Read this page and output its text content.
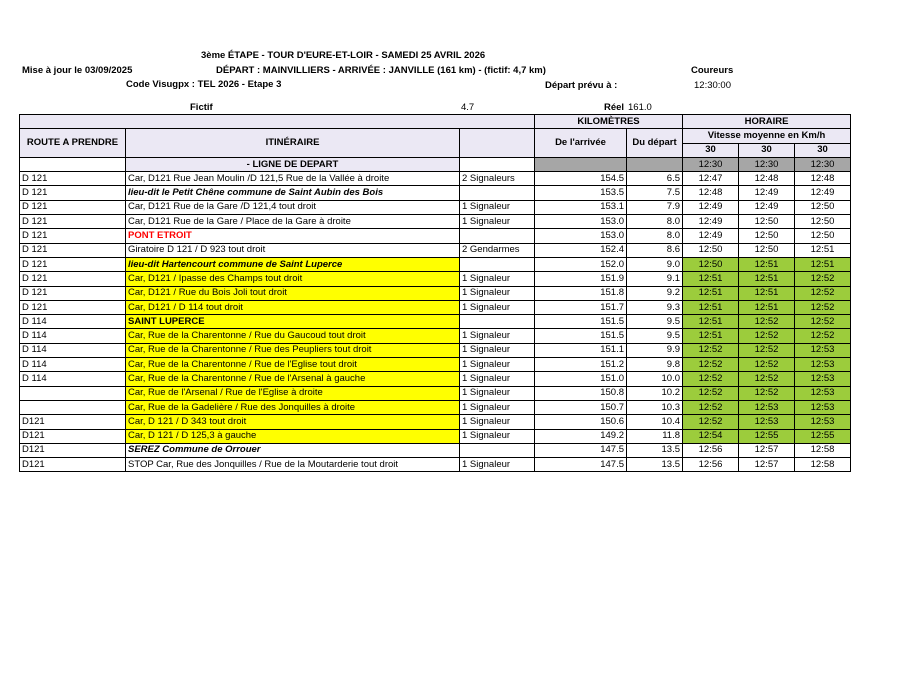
3ème ÉTAPE - TOUR D'EURE-ET-LOIR - SAMEDI 25 AVRIL 2026
Mise à jour le 03/09/2025	DÉPART : MAINVILLIERS - ARRIVÉE : JANVILLE (161 km) - (fictif: 4,7 km)	Coureurs
Code Visugpx : TEL 2026 - Etape 3	Départ prévu à :	12:30:00
Fictif	4.7	Réel 161.0
			KILOMÈTRES		HORAIRE		
ROUTE A PRENDRE	ITINÉRAIRE		De l'arrivée	Du départ	Vitesse moyenne en Km/h		
					30	30	30
	- LIGNE DE DEPART				12:30	12:30	12:30
D 121	Car, D121 Rue Jean Moulin /D 121,5 Rue de la Vallée à droite	2 Signaleurs	154.5	6.5	12:47	12:48	12:48
D 121	lieu-dit le Petit Chêne commune de Saint Aubin des Bois		153.5	7.5	12:48	12:49	12:49
D 121	Car, D121 Rue de la Gare /D 121,4 tout droit	1 Signaleur	153.1	7.9	12:49	12:49	12:50
D 121	Car, D121 Rue de la Gare / Place de la Gare à droite	1 Signaleur	153.0	8.0	12:49	12:50	12:50
D 121	PONT ETROIT		153.0	8.0	12:49	12:50	12:50
D 121	Giratoire D 121 / D 923 tout droit	2 Gendarmes	152.4	8.6	12:50	12:50	12:51
D 121	lieu-dit Hartencourt commune de Saint Luperce		152.0	9.0	12:50	12:51	12:51
D 121	Car, D121 / Ipasse des Champs tout droit	1 Signaleur	151.9	9.1	12:51	12:51	12:52
D 121	Car, D121 / Rue du Bois Joli tout droit	1 Signaleur	151.8	9.2	12:51	12:51	12:52
D 121	Car, D121 / D 114 tout droit	1 Signaleur	151.7	9.3	12:51	12:51	12:52
D 114	SAINT LUPERCE		151.5	9.5	12:51	12:52	12:52
D 114	Car, Rue de la Charentonne / Rue du Gaucoud tout droit	1 Signaleur	151.5	9.5	12:51	12:52	12:52
D 114	Car, Rue de la Charentonne / Rue des Peupliers tout droit	1 Signaleur	151.1	9.9	12:52	12:52	12:53
D 114	Car, Rue de la Charentonne / Rue de l'Eglise tout droit	1 Signaleur	151.2	9.8	12:52	12:52	12:53
D 114	Car, Rue de la Charentonne / Rue de l'Arsenal à gauche	1 Signaleur	151.0	10.0	12:52	12:52	12:53
	Car, Rue de l'Arsenal / Rue de l'Eglise à droite	1 Signaleur	150.8	10.2	12:52	12:52	12:53
	Car, Rue de la Gadelière / Rue des Jonquilles à droite	1 Signaleur	150.7	10.3	12:52	12:53	12:53
D121	Car, D 121 / D 343 tout droit	1 Signaleur	150.6	10.4	12:52	12:53	12:53
D121	Car, D 121 / D 125,3 à gauche	1 Signaleur	149.2	11.8	12:54	12:55	12:55
D121	SEREZ Commune de Orrouer		147.5	13.5	12:56	12:57	12:58
D121	STOP Car, Rue des Jonquilles / Rue de la Moutarderie tout droit	1 Signaleur	147.5	13.5	12:56	12:57	12:58
